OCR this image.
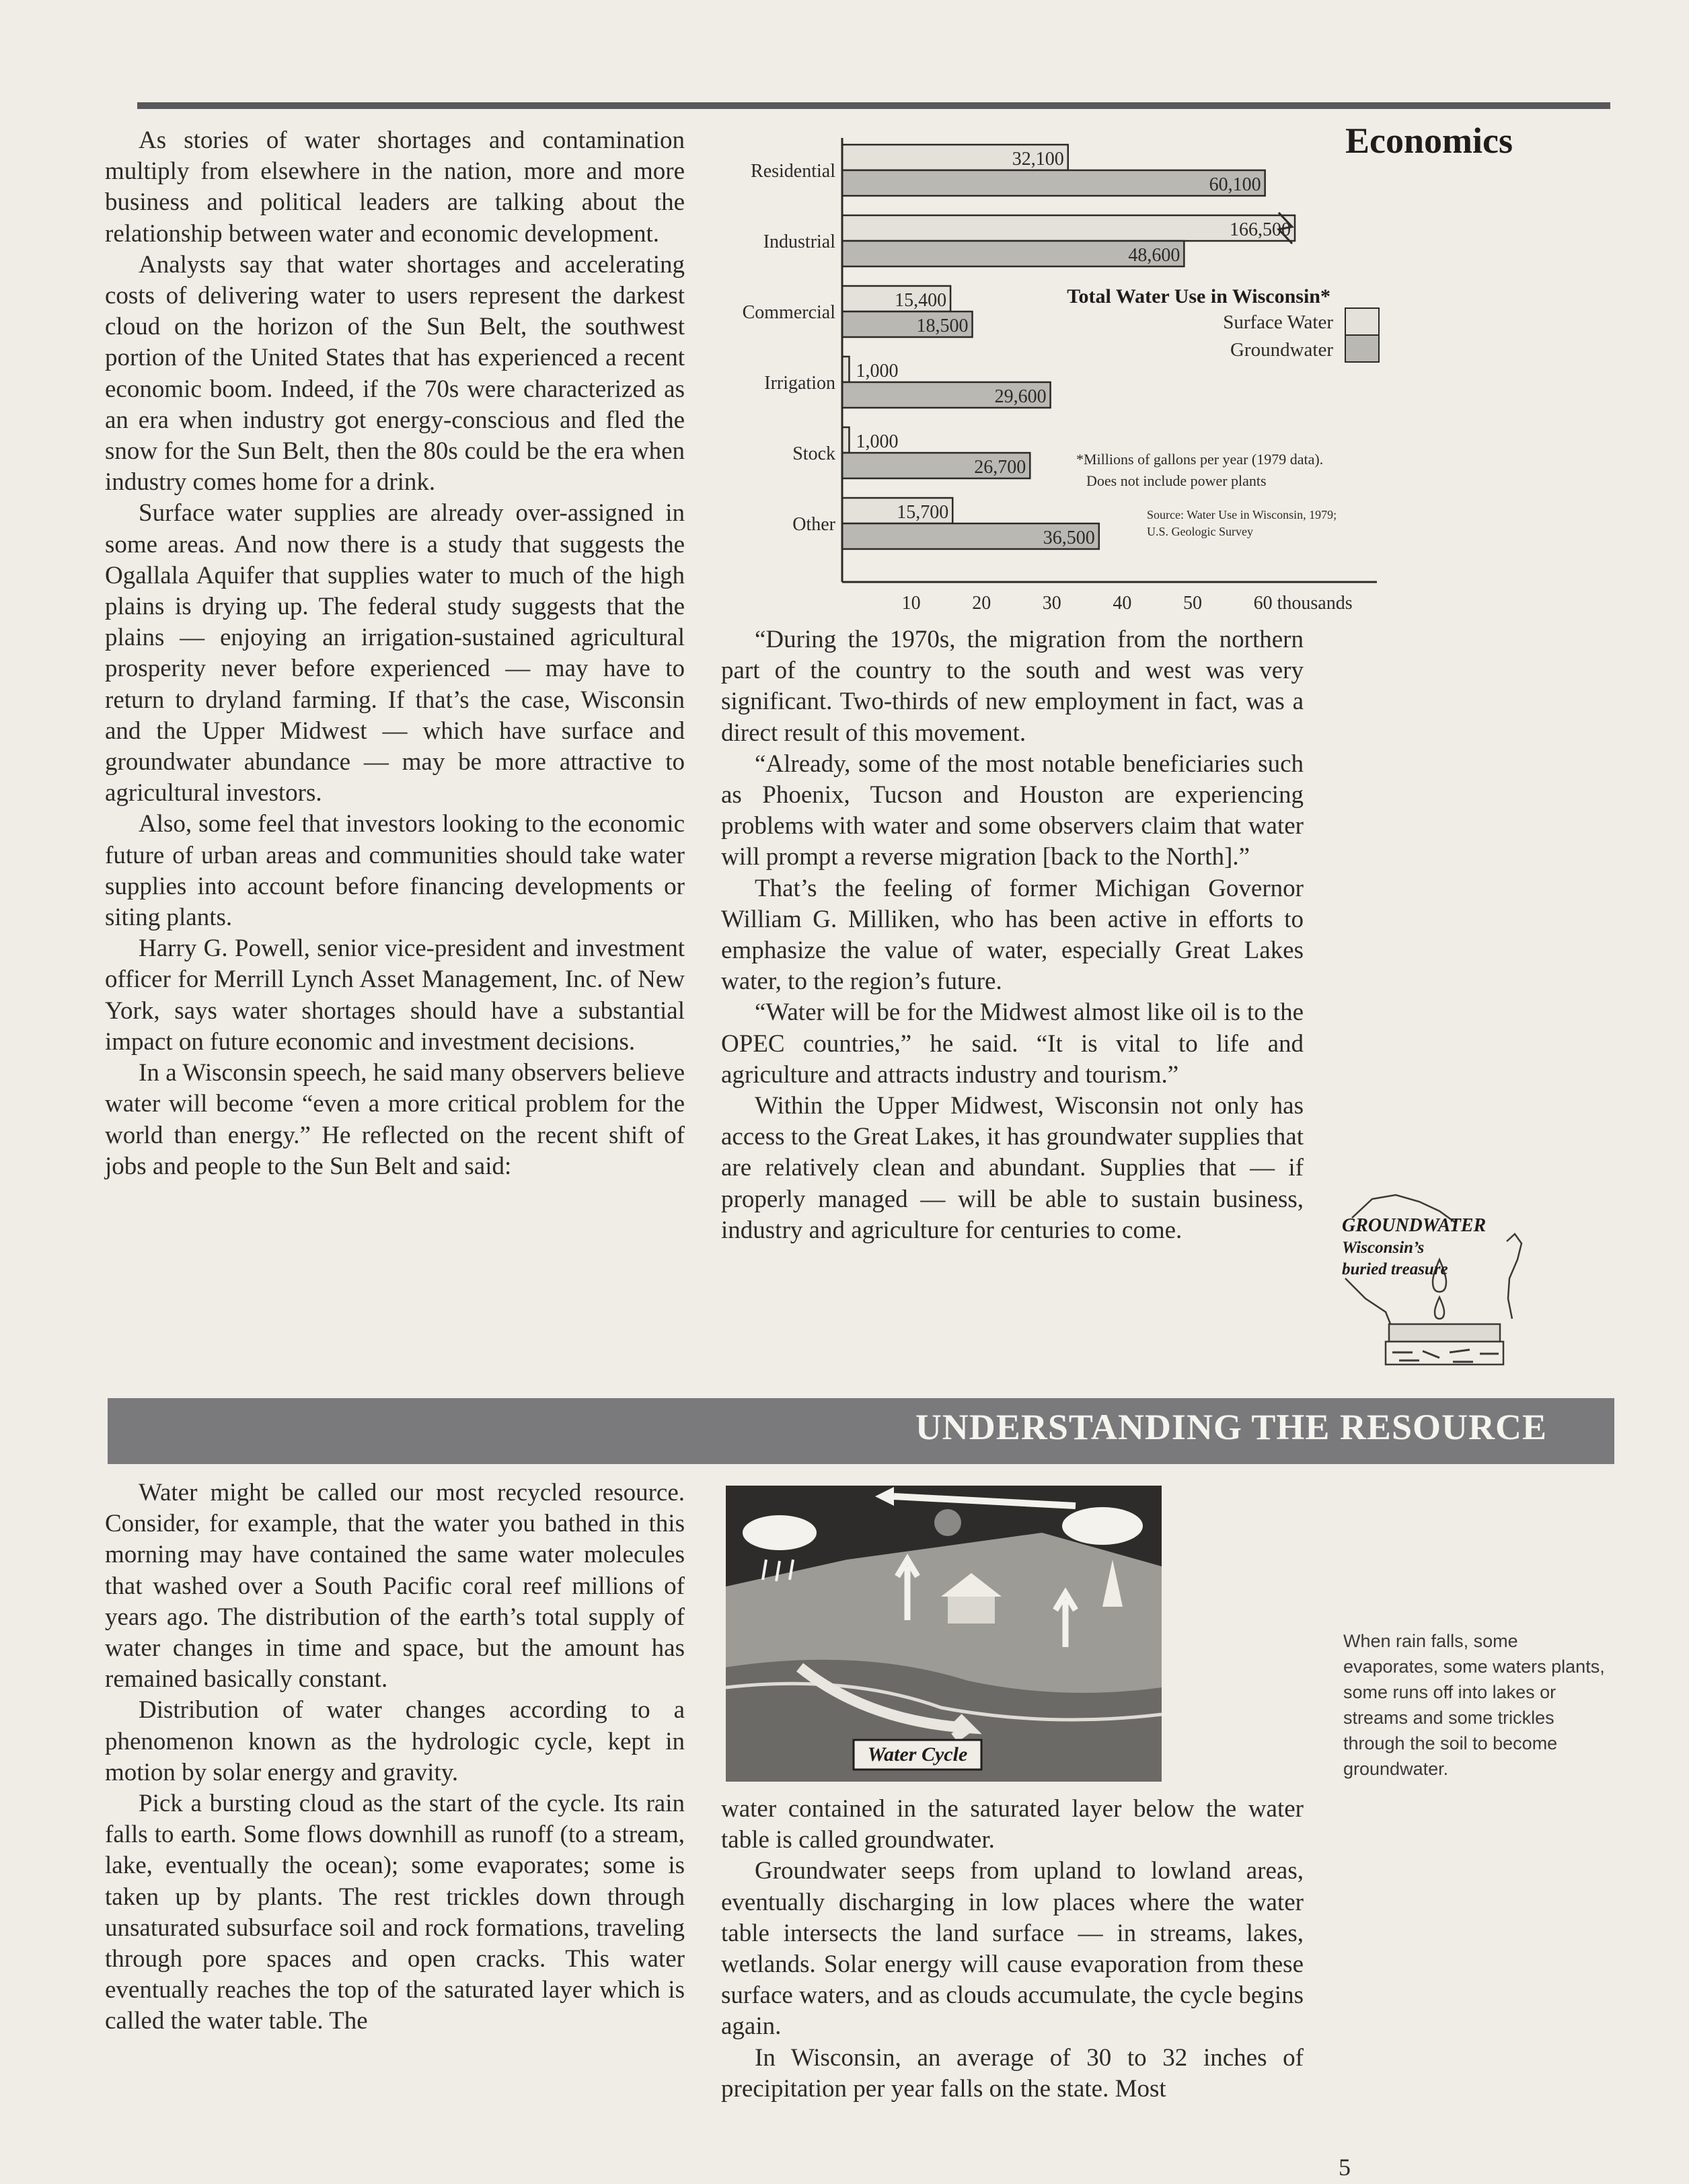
As stories of water shortages and contamination multiply from elsewhere in the nation, more and more business and political leaders are talking about the relationship between water and economic development.

Analysts say that water shortages and accelerating costs of delivering water to users represent the darkest cloud on the horizon of the Sun Belt, the southwest portion of the United States that has experienced a recent economic boom. Indeed, if the 70s were characterized as an era when industry got energy-conscious and fled the snow for the Sun Belt, then the 80s could be the era when industry comes home for a drink.

Surface water supplies are already over-assigned in some areas. And now there is a study that suggests the Ogallala Aquifer that supplies water to much of the high plains is drying up. The federal study suggests that the plains — enjoying an irrigation-sustained agricultural prosperity never before experienced — may have to return to dryland farming. If that’s the case, Wisconsin and the Upper Midwest — which have surface and groundwater abundance — may be more attractive to agricultural investors.

Also, some feel that investors looking to the economic future of urban areas and communities should take water supplies into account before financing developments or siting plants.

Harry G. Powell, senior vice-president and investment officer for Merrill Lynch Asset Management, Inc. of New York, says water shortages should have a substantial impact on future economic and investment decisions.

In a Wisconsin speech, he said many observers believe water will become “even a more critical problem for the world than energy.” He reflected on the recent shift of jobs and people to the Sun Belt and said:

Economics
Residential
Industrial
Commercial
Irrigation
Stock
Other
32,100
60,100
166,500
48,600
15,400
18,500
1,000
29,600
1,000
26,700
15,700
36,500
10	20	30	40	50	60 thousands
Total Water Use in Wisconsin*
Surface Water
Groundwater
*Millions of gallons per year (1979 data).
Does not include power plants
Source: Water Use in Wisconsin, 1979;
U.S. Geologic Survey

“During the 1970s, the migration from the northern part of the country to the south and west was very significant. Two-thirds of new employment in fact, was a direct result of this movement.

“Already, some of the most notable beneficiaries such as Phoenix, Tucson and Houston are experiencing problems with water and some observers claim that water will prompt a reverse migration [back to the North].”

That’s the feeling of former Michigan Governor William G. Milliken, who has been active in efforts to emphasize the value of water, especially Great Lakes water, to the region’s future.

“Water will be for the Midwest almost like oil is to the OPEC countries,” he said. “It is vital to life and agriculture and attracts industry and tourism.”

Within the Upper Midwest, Wisconsin not only has access to the Great Lakes, it has groundwater supplies that are relatively clean and abundant. Supplies that — if properly managed — will be able to sustain business, industry and agriculture for centuries to come.	GROUNDWATER
Wisconsin’s
buried treasure
UNDERSTANDING THE RESOURCE

Water might be called our most recycled resource. Consider, for example, that the water you bathed in this morning may have contained the same water molecules that washed over a South Pacific coral reef millions of years ago. The distribution of the earth’s total supply of water changes in time and space, but the amount has remained basically constant.

Distribution of water changes according to a phenomenon known as the hydrologic cycle, kept in motion by solar energy and gravity.

Pick a bursting cloud as the start of the cycle. Its rain falls to earth. Some flows downhill as runoff (to a stream, lake, eventually the ocean); some evaporates; some is taken up by plants. The rest trickles down through unsaturated subsurface soil and rock formations, traveling through pore spaces and open cracks. This water eventually reaches the top of the saturated layer which is called the water table. The

Water Cycle
When rain falls, some evaporates, some waters plants, some runs off into lakes or streams and some trickles through the soil to become groundwater.

water contained in the saturated layer below the water table is called groundwater.

Groundwater seeps from upland to lowland areas, eventually discharging in low places where the water table intersects the land surface — in streams, lakes, wetlands. Solar energy will cause evaporation from these surface waters, and as clouds accumulate, the cycle begins again.

In Wisconsin, an average of 30 to 32 inches of precipitation per year falls on the state. Most

5
